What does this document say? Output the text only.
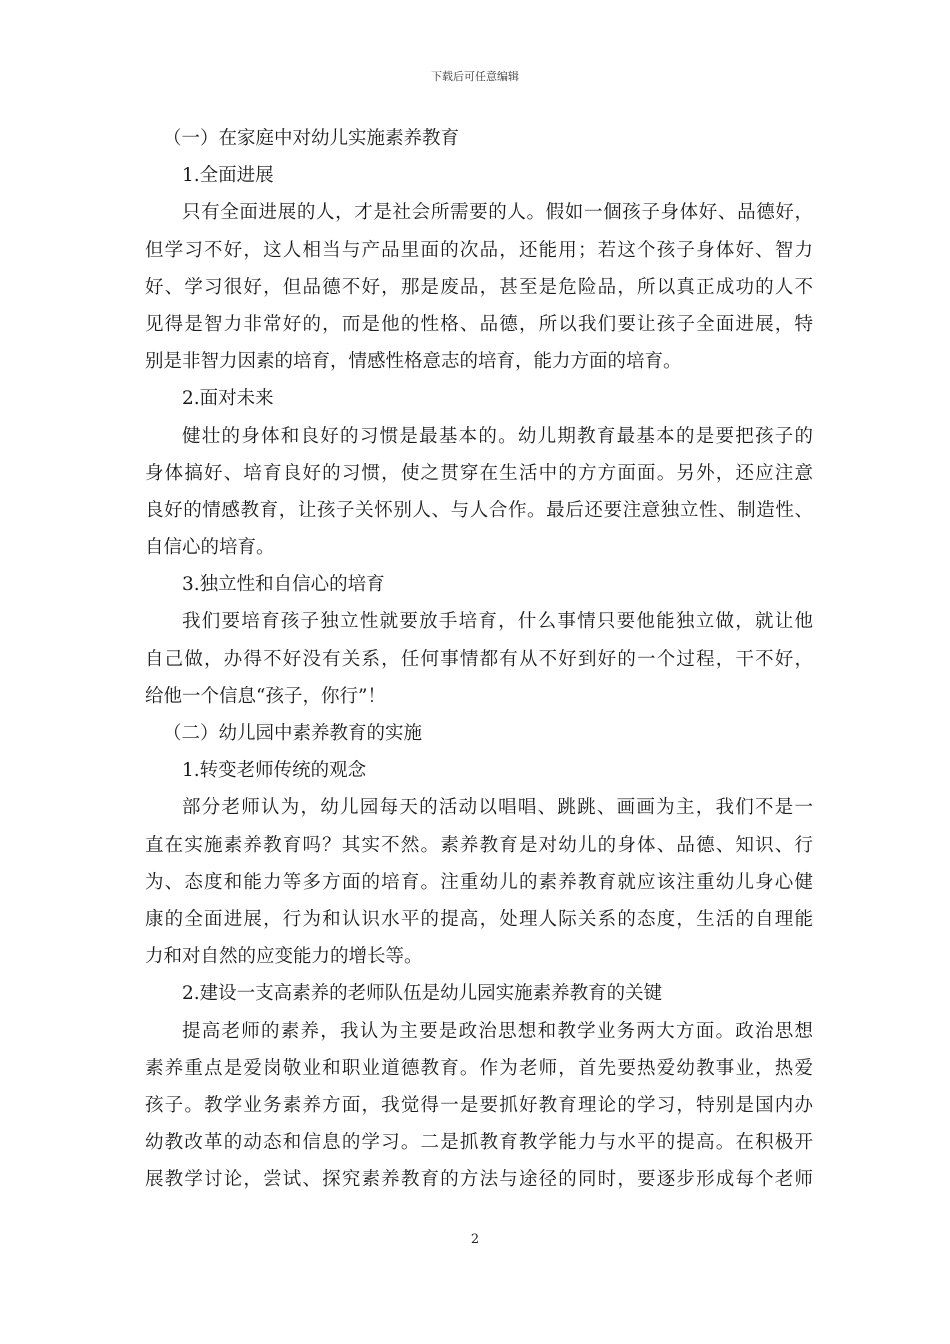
下载后可任意编辑
（一）在家庭中对幼儿实施素养教育
1.全面进展
只有全面进展的人，才是社会所需要的人。假如一個孩子身体好、品德好，
但学习不好，这人相当与产品里面的次品，还能用；若这个孩子身体好、智力
好、学习很好，但品德不好，那是废品，甚至是危险品，所以真正成功的人不
见得是智力非常好的，而是他的性格、品德，所以我们要让孩子全面进展，特
别是非智力因素的培育，情感性格意志的培育，能力方面的培育。
2.面对未来
健壮的身体和良好的习惯是最基本的。幼儿期教育最基本的是要把孩子的
身体搞好、培育良好的习惯，使之贯穿在生活中的方方面面。另外，还应注意
良好的情感教育，让孩子关怀别人、与人合作。最后还要注意独立性、制造性、
自信心的培育。
3.独立性和自信心的培育
我们要培育孩子独立性就要放手培育，什么事情只要他能独立做，就让他
自己做，办得不好没有关系，任何事情都有从不好到好的一个过程，干不好，
给他一个信息“孩子，你行”！
（二）幼儿园中素养教育的实施
1.转变老师传统的观念
部分老师认为，幼儿园每天的活动以唱唱、跳跳、画画为主，我们不是一
直在实施素养教育吗？其实不然。素养教育是对幼儿的身体、品德、知识、行
为、态度和能力等多方面的培育。注重幼儿的素养教育就应该注重幼儿身心健
康的全面进展，行为和认识水平的提高，处理人际关系的态度，生活的自理能
力和对自然的应变能力的增长等。
2.建设一支高素养的老师队伍是幼儿园实施素养教育的关键
提高老师的素养，我认为主要是政治思想和教学业务两大方面。政治思想
素养重点是爱岗敬业和职业道德教育。作为老师，首先要热爱幼教事业，热爱
孩子。教学业务素养方面，我觉得一是要抓好教育理论的学习，特别是国内办
幼教改革的动态和信息的学习。二是抓教育教学能力与水平的提高。在积极开
展教学讨论，尝试、探究素养教育的方法与途径的同时，要逐步形成每个老师
2
